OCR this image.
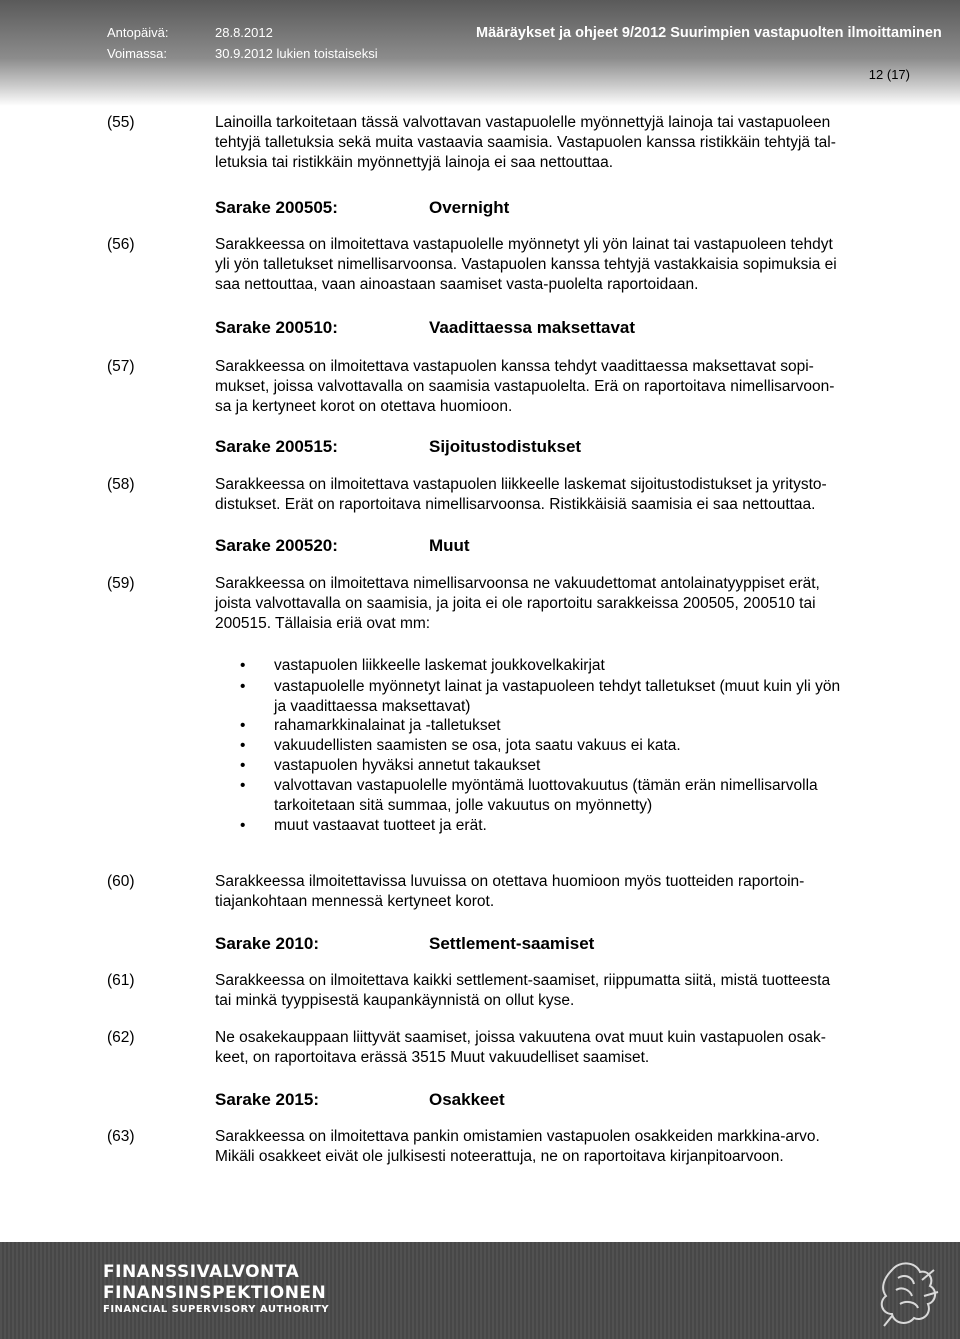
Antopäivä:	28.8.2012	Määräykset ja ohjeet 9/2012 Suurimpien vastapuolten ilmoittaminen
Voimassa:	30.9.2012 lukien toistaiseksi
12 (17)
(55)	Lainoilla tarkoitetaan tässä valvottavan vastapuolelle myönnettyjä lainoja tai vastapuoleen
tehtyjä talletuksia sekä muita vastaavia saamisia. Vastapuolen kanssa ristikkäin tehtyjä tal-
letuksia tai ristikkäin myönnettyjä lainoja ei saa nettouttaa.
Sarake 200505:	Overnight
(56)	Sarakkeessa on ilmoitettava vastapuolelle myönnetyt yli yön lainat tai vastapuoleen tehdyt
yli yön talletukset nimellisarvoonsa. Vastapuolen kanssa tehtyjä vastakkaisia sopimuksia ei
saa nettouttaa, vaan ainoastaan saamiset vasta-puolelta raportoidaan.
Sarake 200510:	Vaadittaessa maksettavat
(57)	Sarakkeessa on ilmoitettava vastapuolen kanssa tehdyt vaadittaessa maksettavat sopi-
mukset, joissa valvottavalla on saamisia vastapuolelta. Erä on raportoitava nimellisarvoon-
sa ja kertyneet korot on otettava huomioon.
Sarake 200515:	Sijoitustodistukset
(58)	Sarakkeessa on ilmoitettava vastapuolen liikkeelle laskemat sijoitustodistukset ja yritysto-
distukset. Erät on raportoitava nimellisarvoonsa. Ristikkäisiä saamisia ei saa nettouttaa.
Sarake 200520:	Muut
(59)	Sarakkeessa on ilmoitettava nimellisarvoonsa ne vakuudettomat antolainatyyppiset erät,
joista valvottavalla on saamisia, ja joita ei ole raportoitu sarakkeissa 200505, 200510 tai
200515. Tällaisia eriä ovat mm:
• vastapuolen liikkeelle laskemat joukkovelkakirjat
• vastapuolelle myönnetyt lainat ja vastapuoleen tehdyt talletukset (muut kuin yli yön
ja vaadittaessa maksettavat)
• rahamarkkinalainat ja -talletukset
• vakuudellisten saamisten se osa, jota saatu vakuus ei kata.
• vastapuolen hyväksi annetut takaukset
• valvottavan vastapuolelle myöntämä luottovakuutus (tämän erän nimellisarvolla
tarkoitetaan sitä summaa, jolle vakuutus on myönnetty)
• muut vastaavat tuotteet ja erät.
(60)	Sarakkeessa ilmoitettavissa luvuissa on otettava huomioon myös tuotteiden raportoin-
tiajankohtaan mennessä kertyneet korot.
Sarake 2010:	Settlement-saamiset
(61)	Sarakkeessa on ilmoitettava kaikki settlement-saamiset, riippumatta siitä, mistä tuotteesta
tai minkä tyyppisestä kaupankäynnistä on ollut kyse.
(62)	Ne osakekauppaan liittyvät saamiset, joissa vakuutena ovat muut kuin vastapuolen osak-
keet, on raportoitava erässä 3515 Muut vakuudelliset saamiset.
Sarake 2015:	Osakkeet
(63)	Sarakkeessa on ilmoitettava pankin omistamien vastapuolen osakkeiden markkina-arvo.
Mikäli osakkeet eivät ole julkisesti noteerattuja, ne on raportoitava kirjanpitoarvoon.
FINANSSIVALVONTA
FINANSINSPEKTIONEN
FINANCIAL SUPERVISORY AUTHORITY
